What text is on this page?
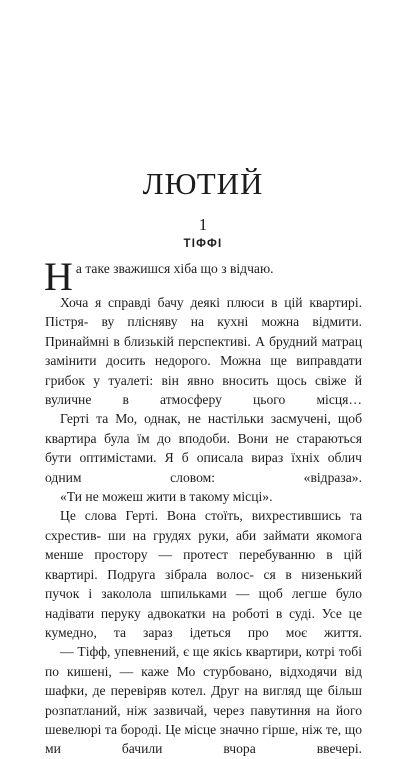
ЛЮТИЙ
1
ТІФФІ

На таке зважишся хіба що з відчаю.

Хоча я справді бачу деякі плюси в цій квартирі. Пістря- ву плісняву на кухні можна відмити. Принаймні в близькій перспективі. А брудний матрац замінити досить недорого. Можна ще виправдати грибок у туалеті: він явно вносить щось свіже й вуличне в атмосферу цього місця…

Герті та Мо, однак, не настільки засмучені, щоб квартира була їм до вподоби. Вони не стараються бути оптимістами. Я б описала вираз їхніх облич одним словом: «відраза».

«Ти не можеш жити в такому місці».

Це слова Герті. Вона стоїть, вихрестившись та схрестив- ши на грудях руки, аби займати якомога менше простору — протест перебуванню в цій квартирі. Подруга зібрала волос- ся в низенький пучок і заколола шпильками — щоб легше було надівати перуку адвокатки на роботі в суді. Усе це кумедно, та зараз ідеться про моє життя.

— Тіфф, упевнений, є ще якісь квартири, котрі тобі по кишені, — каже Мо стурбовано, відходячи від шафки, де перевіряв котел. Друг на вигляд ще більш розпатланий, ніж зазвичай, через павутиння на його шевелюрі та бороді. Це місце значно гірше, ніж те, що ми бачили вчора ввечері.
